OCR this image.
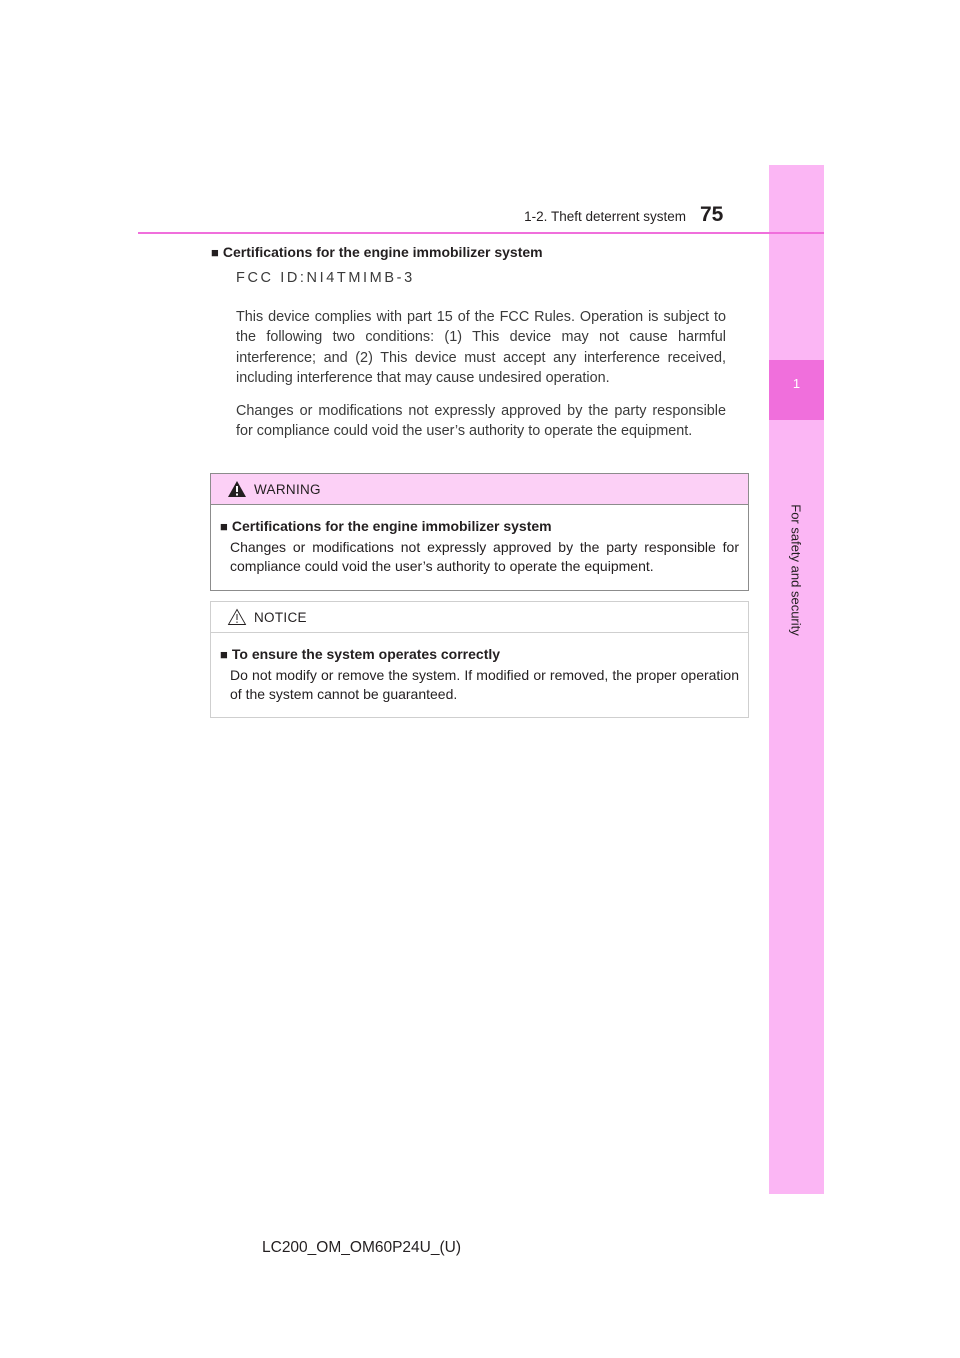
1
For safety and security
1-2. Theft deterrent system 75
■ Certifications for the engine immobilizer system
FCC ID:NI4TMIMB-3
This device complies with part 15 of the FCC Rules. Operation is subject to the following two conditions: (1) This device may not cause harmful interference; and (2) This device must accept any interference received, including interference that may cause undesired operation.
Changes or modifications not expressly approved by the party responsible for compliance could void the user’s authority to operate the equipment.
WARNING
■ Certifications for the engine immobilizer system
Changes or modifications not expressly approved by the party responsible for compliance could void the user’s authority to operate the equipment.
NOTICE
■ To ensure the system operates correctly
Do not modify or remove the system. If modified or removed, the proper operation of the system cannot be guaranteed.
LC200_OM_OM60P24U_(U)
